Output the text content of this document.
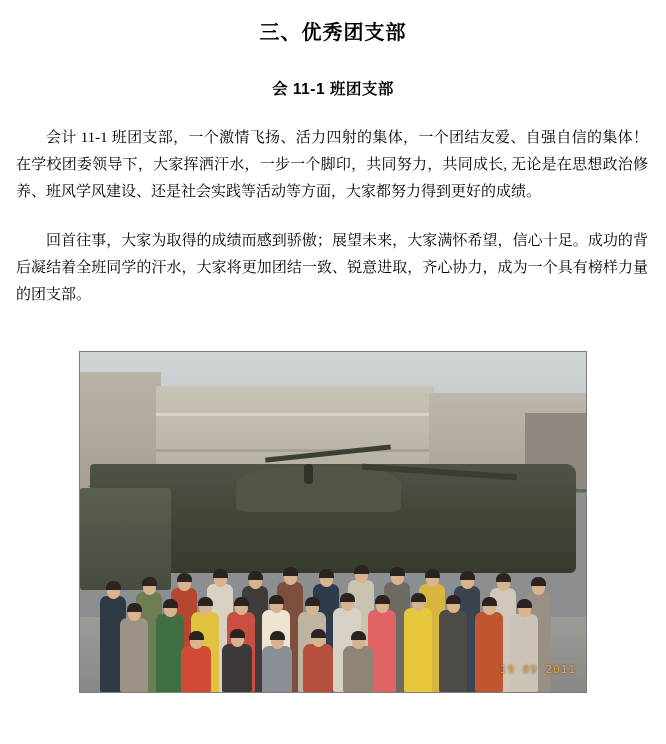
三、优秀团支部
会 11-1 班团支部

会计 11-1 班团支部，一个激情飞扬、活力四射的集体，一个团结友爱、自强自信的集体！在学校团委领导下，大家挥洒汗水，一步一个脚印，共同努力，共同成长, 无论是在思想政治修养、班风学风建设、还是社会实践等活动等方面，大家都努力得到更好的成绩。

回首往事，大家为取得的成绩而感到骄傲；展望未来，大家满怀希望，信心十足。成功的背后凝结着全班同学的汗水，大家将更加团结一致、锐意进取，齐心协力，成为一个具有榜样力量的团支部。

19 09 2011
